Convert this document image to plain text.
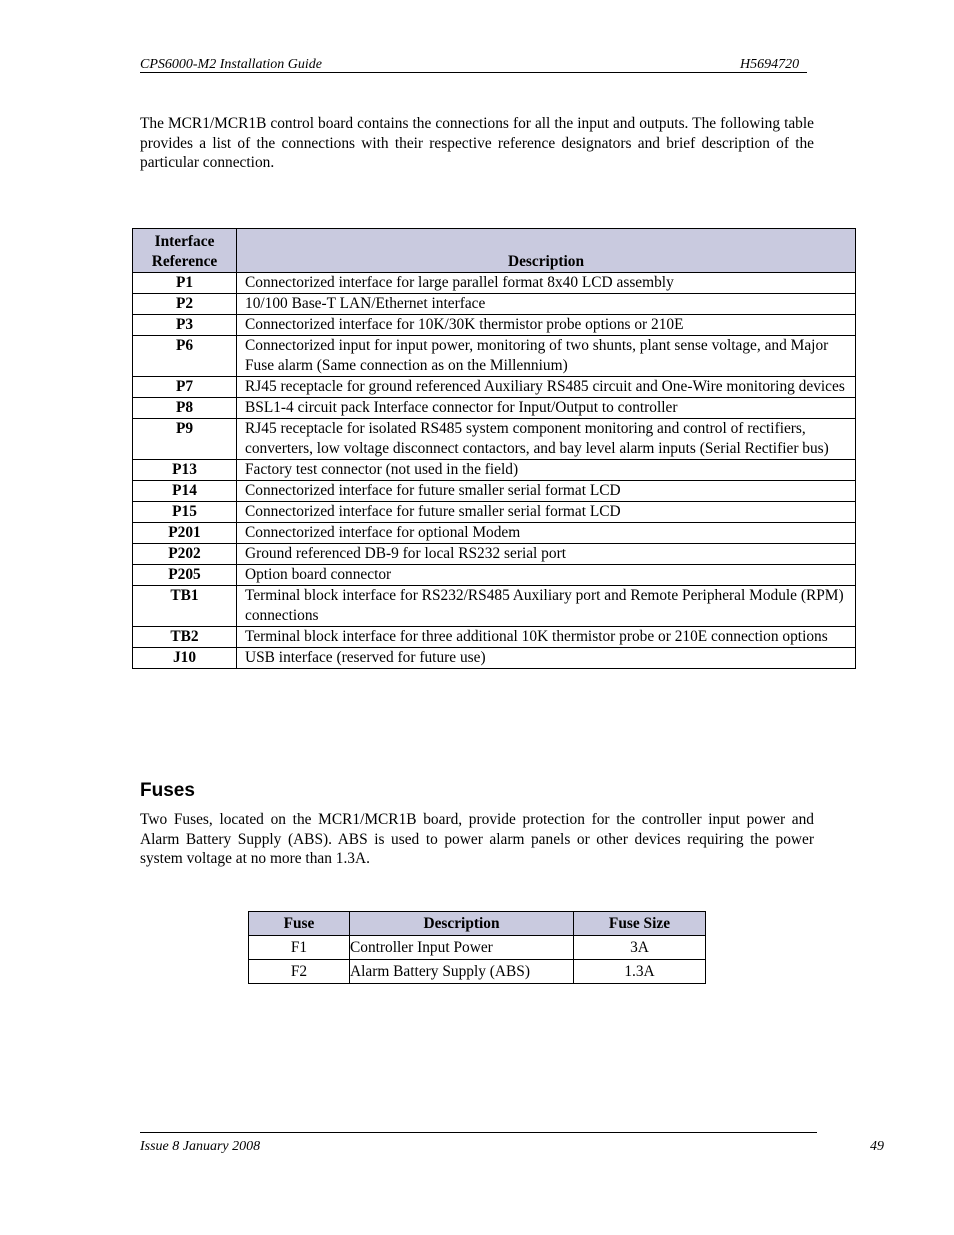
CPS6000-M2 Installation Guide	H5694720

The MCR1/MCR1B control board contains the connections for all the input and outputs. The following table provides a list of the connections with their respective reference designators and brief description of the particular connection.

Interface
Reference	Description
P1	Connectorized interface for large parallel format 8x40 LCD assembly
P2	10/100 Base-T LAN/Ethernet interface
P3	Connectorized interface for 10K/30K thermistor probe options or 210E
P6	Connectorized input for input power, monitoring of two shunts, plant sense voltage, and Major Fuse alarm (Same connection as on the Millennium)
P7	RJ45 receptacle for ground referenced Auxiliary RS485 circuit and One-Wire monitoring devices
P8	BSL1-4 circuit pack Interface connector for Input/Output to controller
P9	RJ45 receptacle for isolated RS485 system component monitoring and control of rectifiers, converters, low voltage disconnect contactors, and bay level alarm inputs (Serial Rectifier bus)
P13	Factory test connector (not used in the field)
P14	Connectorized interface for future smaller serial format LCD
P15	Connectorized interface for future smaller serial format LCD
P201	Connectorized interface for optional Modem
P202	Ground referenced DB-9 for local RS232 serial port
P205	Option board connector
TB1	Terminal block interface for RS232/RS485 Auxiliary port and Remote Peripheral Module (RPM) connections
TB2	Terminal block interface for three additional 10K thermistor probe or 210E connection options
J10	USB interface (reserved for future use)
Fuses

Two Fuses, located on the MCR1/MCR1B board, provide protection for the controller input power and Alarm Battery Supply (ABS). ABS is used to power alarm panels or other devices requiring the power system voltage at no more than 1.3A.

Fuse	Description	Fuse Size
F1	Controller Input Power	3A
F2	Alarm Battery Supply (ABS)	1.3A
Issue 8 January 2008	49
